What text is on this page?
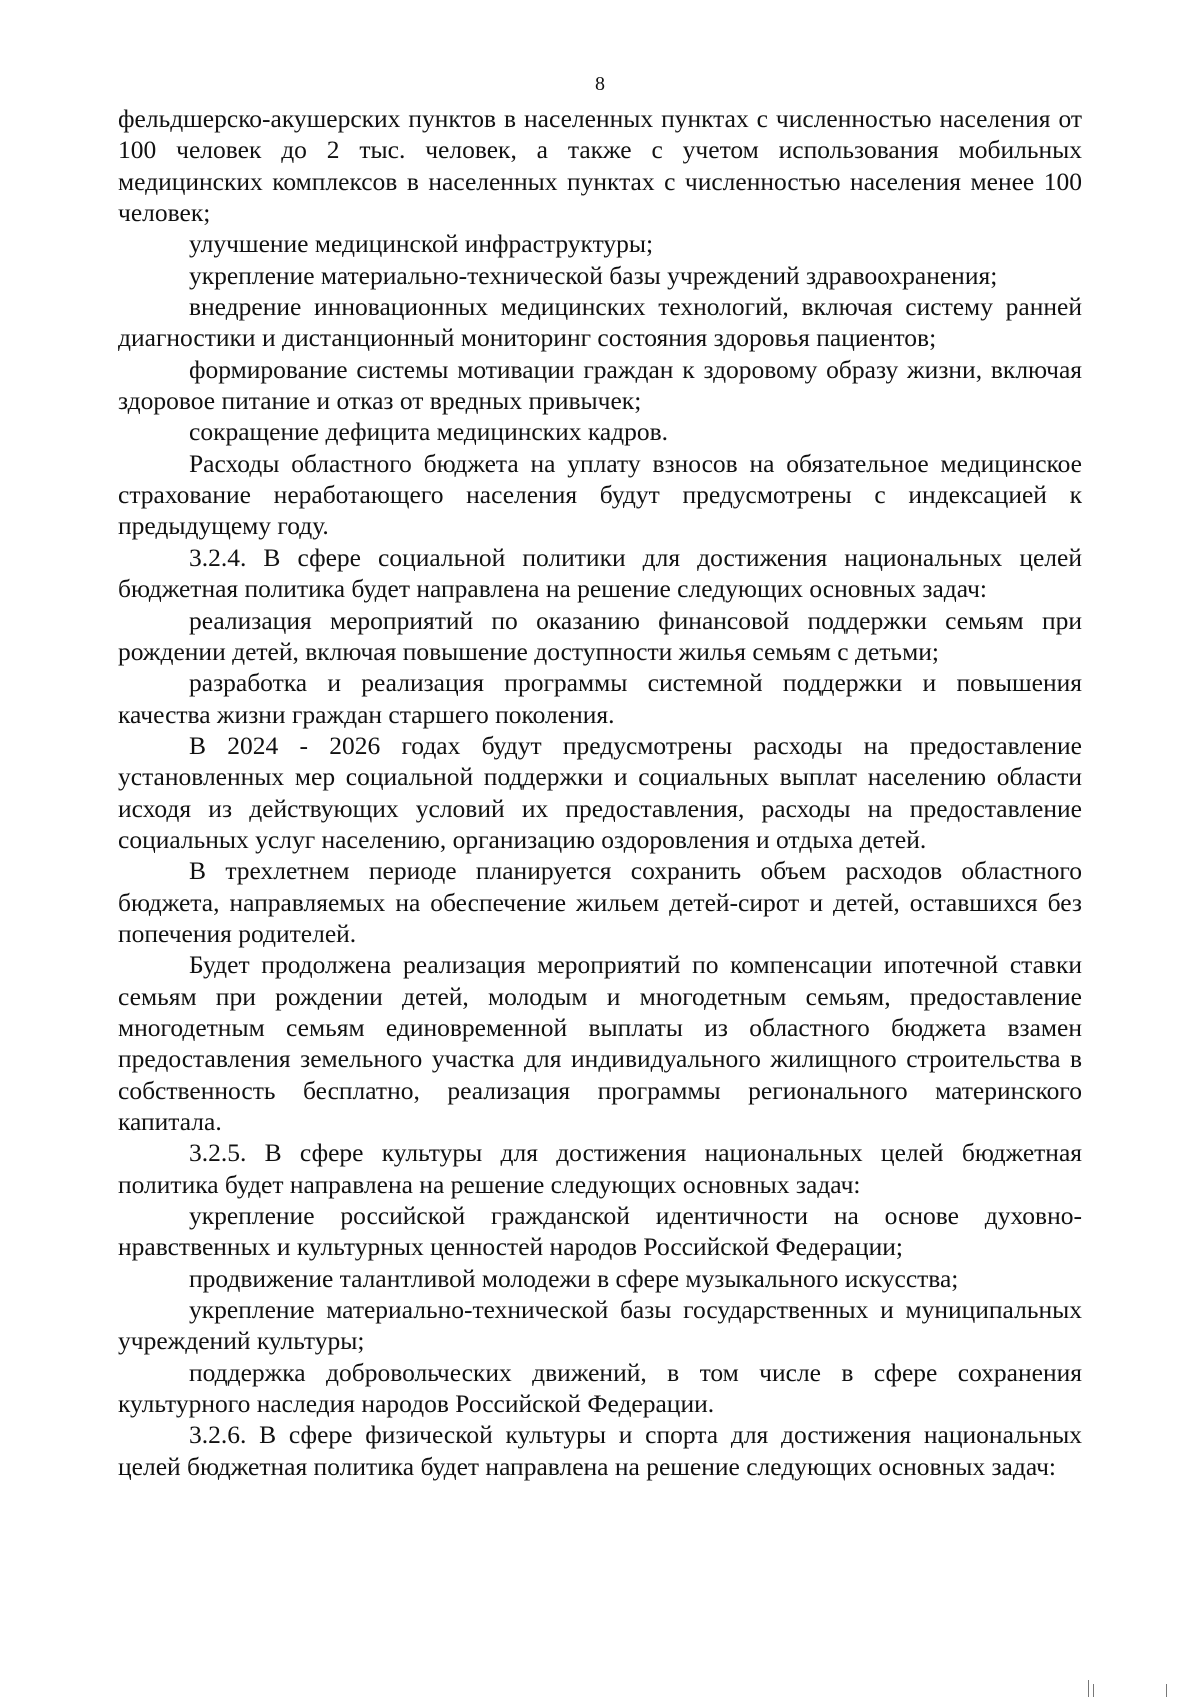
8

фельдшерско-акушерских пунктов в населенных пунктах с численностью населения от 100 человек до 2 тыс. человек, а также с учетом использования мобильных медицинских комплексов в населенных пунктах с численностью населения менее 100 человек;

улучшение медицинской инфраструктуры;

укрепление материально-технической базы учреждений здравоохранения;

внедрение инновационных медицинских технологий, включая систему ранней диагностики и дистанционный мониторинг состояния здоровья пациентов;

формирование системы мотивации граждан к здоровому образу жизни, включая здоровое питание и отказ от вредных привычек;

сокращение дефицита медицинских кадров.

Расходы областного бюджета на уплату взносов на обязательное медицинское страхование неработающего населения будут предусмотрены с индексацией к предыдущему году.

3.2.4. В сфере социальной политики для достижения национальных целей бюджетная политика будет направлена на решение следующих основных задач:

реализация мероприятий по оказанию финансовой поддержки семьям при рождении детей, включая повышение доступности жилья семьям с детьми;

разработка и реализация программы системной поддержки и повышения качества жизни граждан старшего поколения.

В 2024 - 2026 годах будут предусмотрены расходы на предоставление установленных мер социальной поддержки и социальных выплат населению области исходя из действующих условий их предоставления, расходы на предоставление социальных услуг населению, организацию оздоровления и отдыха детей.

В трехлетнем периоде планируется сохранить объем расходов областного бюджета, направляемых на обеспечение жильем детей-сирот и детей, оставшихся без попечения родителей.

Будет продолжена реализация мероприятий по компенсации ипотечной ставки семьям при рождении детей, молодым и многодетным семьям, предоставление многодетным семьям единовременной выплаты из областного бюджета взамен предоставления земельного участка для индивидуального жилищного строительства в собственность бесплатно, реализация программы регионального материнского капитала.

3.2.5. В сфере культуры для достижения национальных целей бюджетная политика будет направлена на решение следующих основных задач:

укрепление российской гражданской идентичности на основе духовно-нравственных и культурных ценностей народов Российской Федерации;

продвижение талантливой молодежи в сфере музыкального искусства;

укрепление материально-технической базы государственных и муниципальных учреждений культуры;

поддержка добровольческих движений, в том числе в сфере сохранения культурного наследия народов Российской Федерации.

3.2.6. В сфере физической культуры и спорта для достижения национальных целей бюджетная политика будет направлена на решение следующих основных задач:
